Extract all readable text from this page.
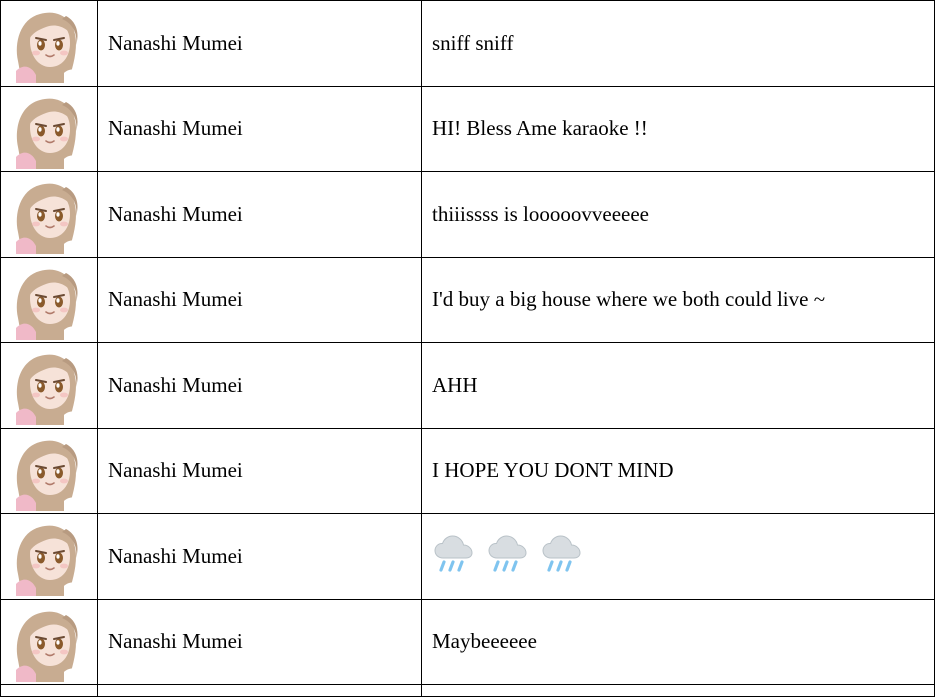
	Nanashi Mumei	sniff sniff

	Nanashi Mumei	HI! Bless Ame karaoke !!

	Nanashi Mumei	thiiissss is looooovveeeee

	Nanashi Mumei	I'd buy a big house where we both could live ~

	Nanashi Mumei	AHH

	Nanashi Mumei	I HOPE YOU DONT MIND

	Nanashi Mumei	

	Nanashi Mumei	Maybeeeeee
